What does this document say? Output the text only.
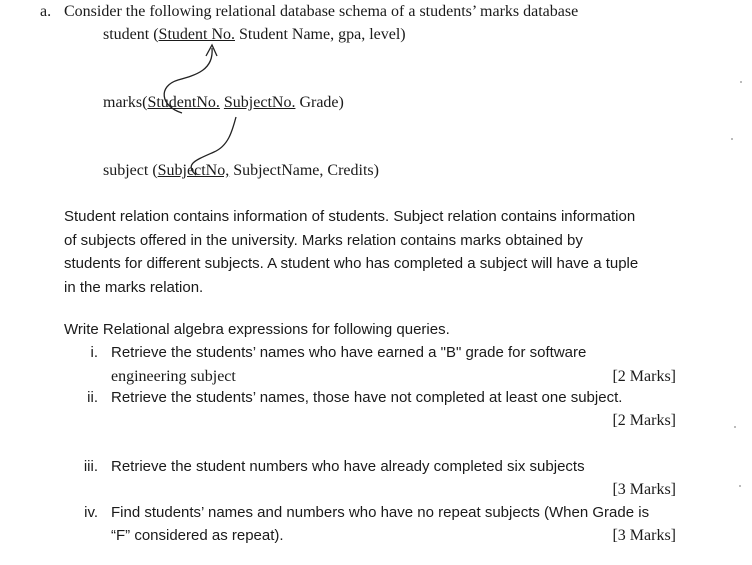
a. Consider the following relational database schema of a students’ marks database
student (Student No. Student Name, gpa, level)
marks(StudentNo. SubjectNo. Grade)
subject (SubjectNo, SubjectName, Credits)
Student relation contains information of students. Subject relation contains information
of subjects offered in the university. Marks relation contains marks obtained by
students for different subjects. A student who has completed a subject will have a tuple
in the marks relation.
Write Relational algebra expressions for following queries.
i. Retrieve the students’ names who have earned a "B" grade for software
engineering subject	[2 Marks]
ii. Retrieve the students’ names, those have not completed at least one subject.
[2 Marks]
iii. Retrieve the student numbers who have already completed six subjects
[3 Marks]
iv. Find students’ names and numbers who have no repeat subjects (When Grade is
“F” considered as repeat).	[3 Marks]
